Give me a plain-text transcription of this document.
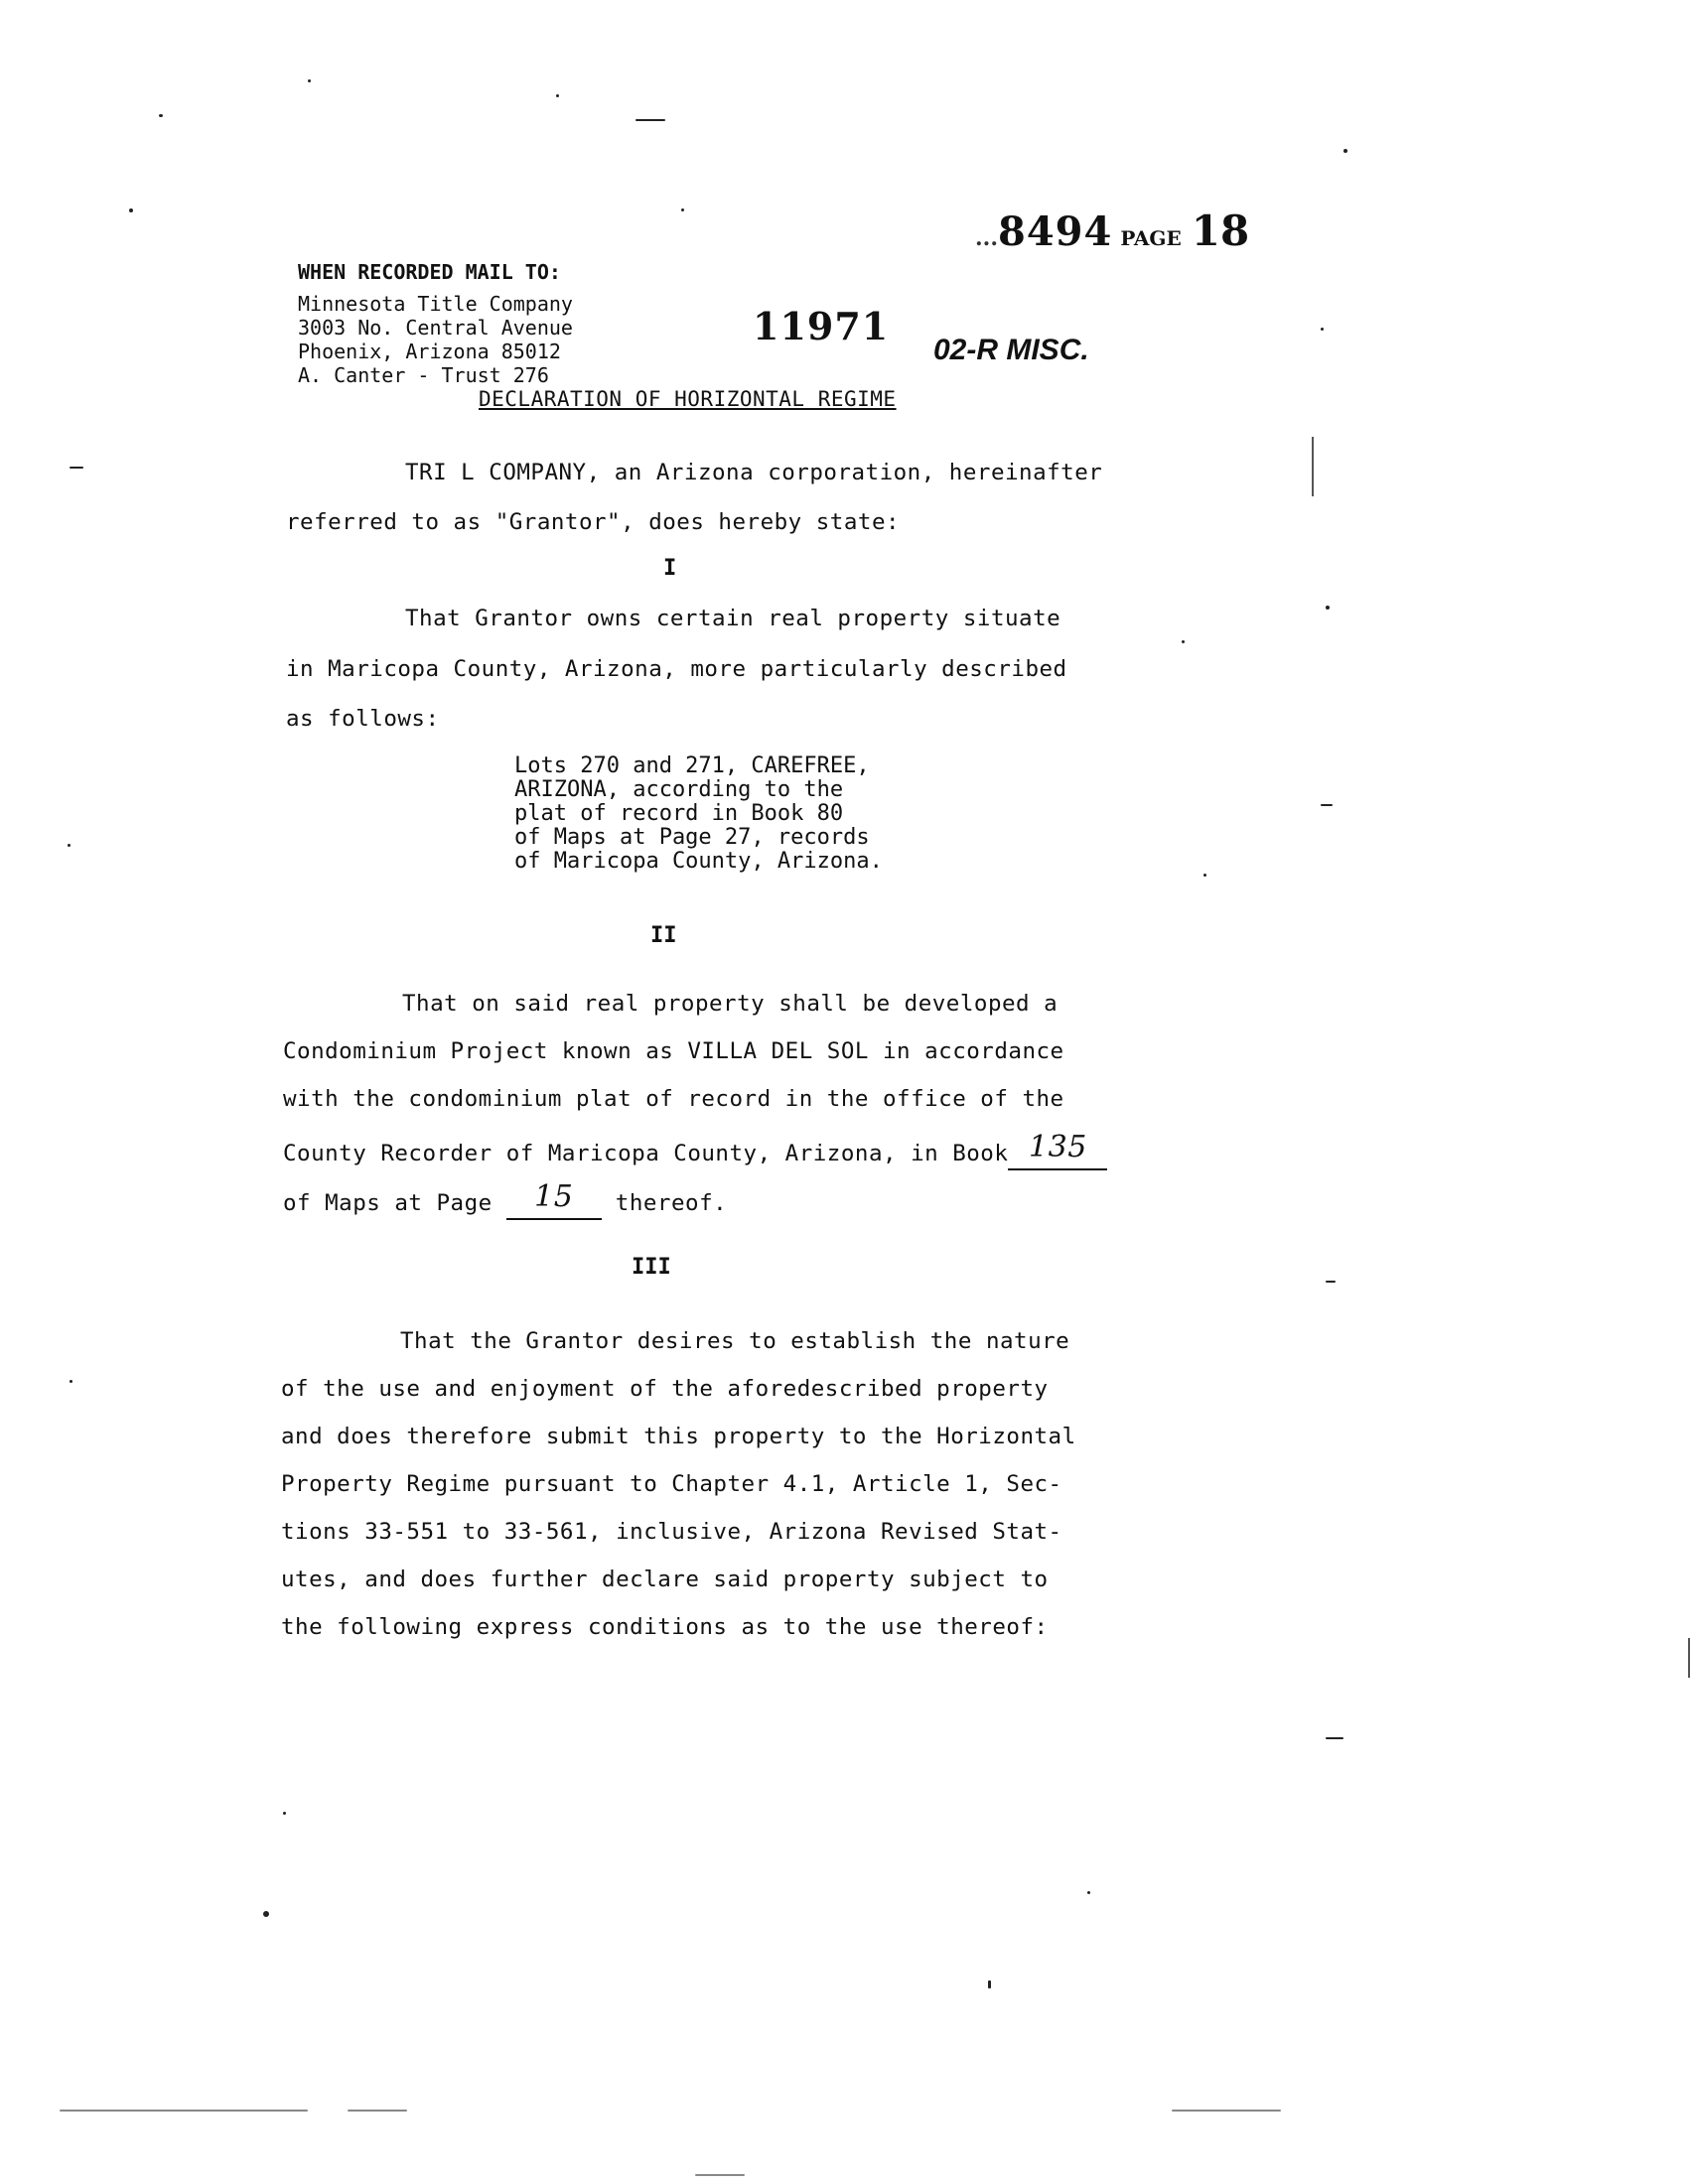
...8494 PAGE 18
WHEN RECORDED MAIL TO:
Minnesota Title Company
3003 No. Central Avenue
Phoenix, Arizona 85012
A. Canter - Trust 276
11971
02-R MISC.
DECLARATION OF HORIZONTAL REGIME
TRI L COMPANY, an Arizona corporation, hereinafter
referred to as "Grantor", does hereby state:
I
That Grantor owns certain real property situate
in Maricopa County, Arizona, more particularly described
as follows:
Lots 270 and 271, CAREFREE,
ARIZONA, according to the
plat of record in Book 80
of Maps at Page 27, records
of Maricopa County, Arizona.
II
That on said real property shall be developed a
Condominium Project known as VILLA DEL SOL in accordance
with the condominium plat of record in the office of the
County Recorder of Maricopa County, Arizona, in Book 135
of Maps at Page 15 thereof.
III
That the Grantor desires to establish the nature
of the use and enjoyment of the aforedescribed property
and does therefore submit this property to the Horizontal
Property Regime pursuant to Chapter 4.1, Article 1, Sec-
tions 33-551 to 33-561, inclusive, Arizona Revised Stat-
utes, and does further declare said property subject to
the following express conditions as to the use thereof:
